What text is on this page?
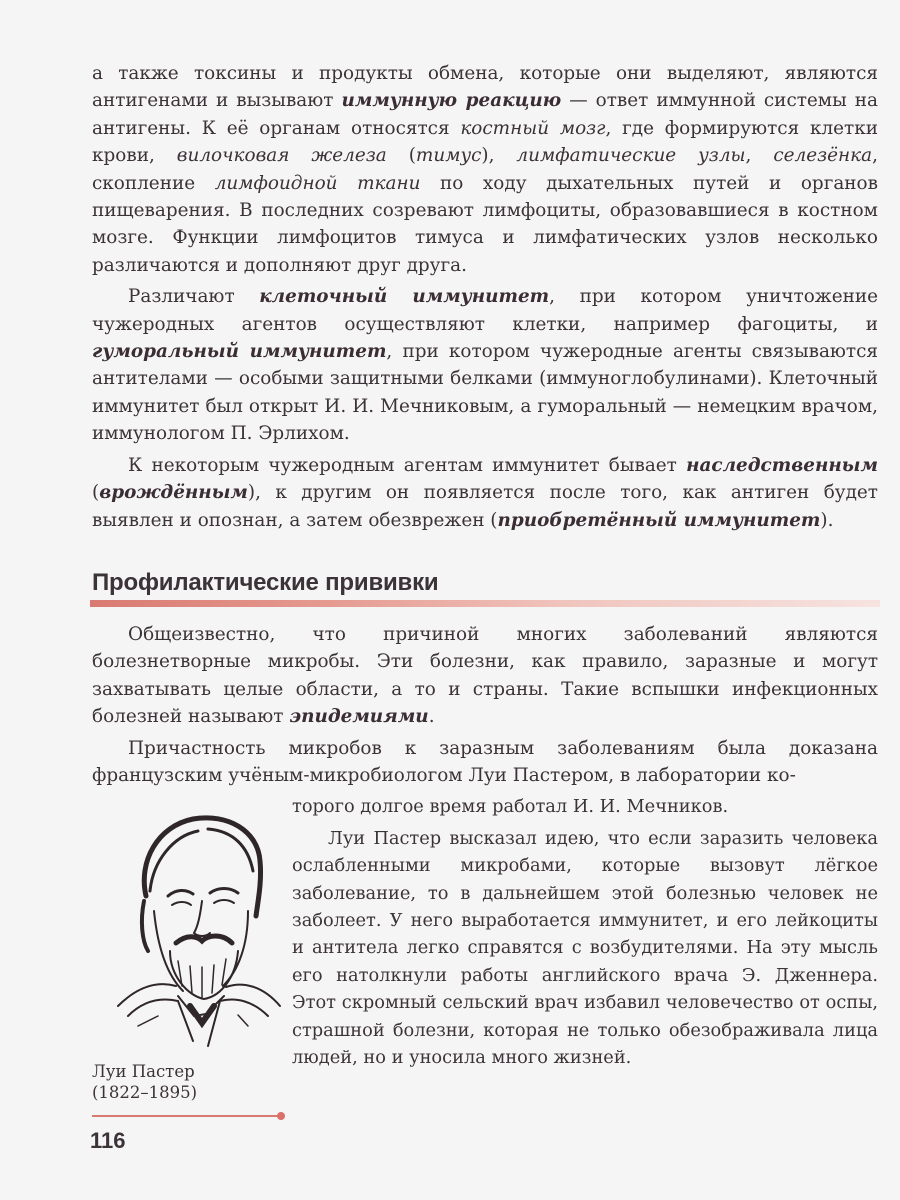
а также токсины и продукты обмена, которые они выделяют, являются антигенами и вызывают иммунную реакцию — ответ иммунной системы на антигены. К её органам относятся костный мозг, где формируются клетки крови, вилочковая железа (тимус), лимфатические узлы, селезёнка, скопление лимфоидной ткани по ходу дыхательных путей и органов пищеварения. В последних созревают лимфоциты, образовавшиеся в костном мозге. Функции лимфоцитов тимуса и лимфатических узлов несколько различаются и дополняют друг друга.

Различают клеточный иммунитет, при котором уничтожение чужеродных агентов осуществляют клетки, например фагоциты, и гуморальный иммунитет, при котором чужеродные агенты связываются антителами — особыми защитными белками (иммуноглобулинами). Клеточный иммунитет был открыт И. И. Мечниковым, а гуморальный — немецким врачом, иммунологом П. Эрлихом.

К некоторым чужеродным агентам иммунитет бывает наследственным (врождённым), к другим он появляется после того, как антиген будет выявлен и опознан, а затем обезврежен (приобретённый иммунитет).

Профилактические прививки

Общеизвестно, что причиной многих заболеваний являются болезнетворные микробы. Эти болезни, как правило, заразные и могут захватывать целые области, а то и страны. Такие вспышки инфекционных болезней называют эпидемиями.

Причастность микробов к заразным заболеваниям была доказана французским учёным-микробиологом Луи Пастером, в лаборатории ко-

Луи Пастер
(1822–1895)

торого долгое время работал И. И. Мечников.

Луи Пастер высказал идею, что если заразить человека ослабленными микробами, которые вызовут лёгкое заболевание, то в дальнейшем этой болезнью человек не заболеет. У него выработается иммунитет, и его лейкоциты и антитела легко справятся с возбудителями. На эту мысль его натолкнули работы английского врача Э. Дженнера. Этот скромный сельский врач избавил человечество от оспы, страшной болезни, которая не только обезображивала лица людей, но и уносила много жизней.

116
